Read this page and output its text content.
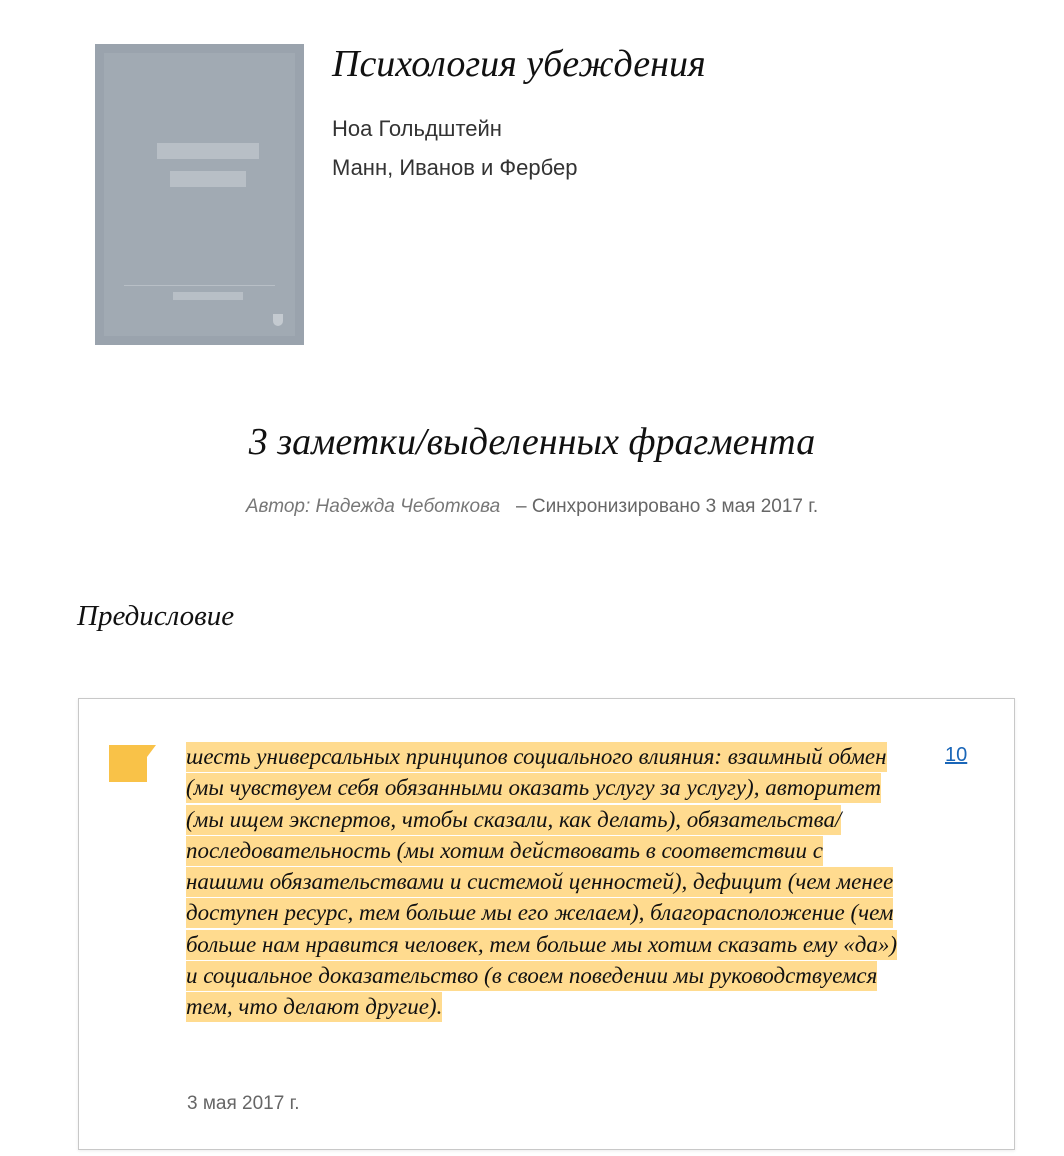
Психология убеждения
Ноа Гольдштейн
Манн, Иванов и Фербер
3 заметки/выделенных фрагмента
Автор: Надежда Чеботкова – Синхронизировано 3 мая 2017 г.
Предисловие

шесть универсальных принципов социального влияния: взаимный обмен (мы чувствуем себя обязанными оказать услугу за услугу), авторитет (мы ищем экспертов, чтобы сказали, как делать), обязательства/последовательность (мы хотим действовать в соответствии с нашими обязательствами и системой ценностей), дефицит (чем менее доступен ресурс, тем больше мы его желаем), благорасположение (чем больше нам нравится человек, тем больше мы хотим сказать ему «да») и социальное доказательство (в своем поведении мы руководствуемся тем, что делают другие).

10
3 мая 2017 г.
